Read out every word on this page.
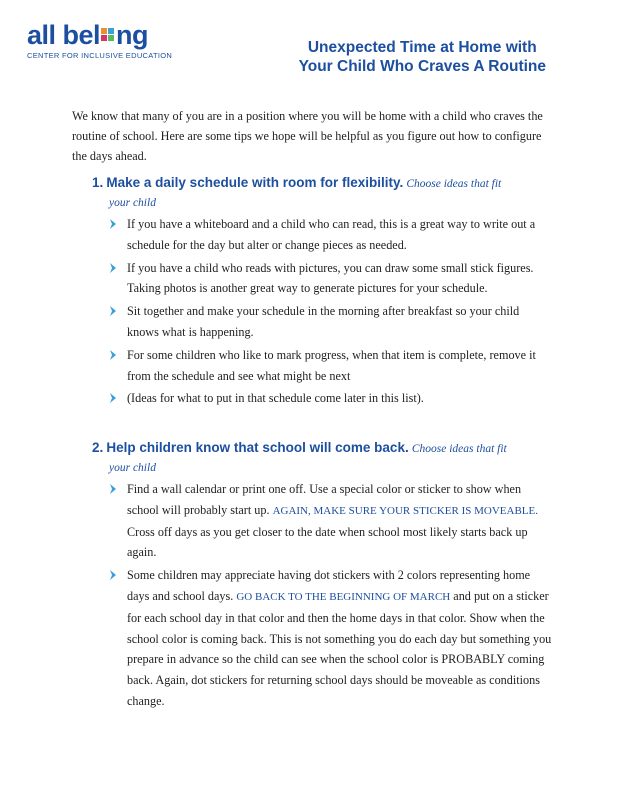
all bel ng
CENTER FOR INCLUSIVE EDUCATION	Unexpected Time at Home with
Your Child Who Craves A Routine
We know that many of you are in a position where you will be home with a child who craves the routine of school. Here are some tips we hope will be helpful as you figure out how to configure the days ahead.
1. Make a daily schedule with room for flexibility. Choose ideas that fit
your child
If you have a whiteboard and a child who can read, this is a great way to write out a schedule for the day but alter or change pieces as needed.
If you have a child who reads with pictures, you can draw some small stick figures. Taking photos is another great way to generate pictures for your schedule.
Sit together and make your schedule in the morning after breakfast so your child knows what is happening.
For some children who like to mark progress, when that item is complete, remove it from the schedule and see what might be next
(Ideas for what to put in that schedule come later in this list).
2. Help children know that school will come back. Choose ideas that fit
your child
Find a wall calendar or print one off. Use a special color or sticker to show when school will probably start up. AGAIN, MAKE SURE YOUR STICKER IS MOVEABLE. Cross off days as you get closer to the date when school most likely starts back up again.
Some children may appreciate having dot stickers with 2 colors representing home days and school days. GO BACK TO THE BEGINNING OF MARCH and put on a sticker for each school day in that color and then the home days in that color. Show when the school color is coming back. This is not something you do each day but something you prepare in advance so the child can see when the school color is PROBABLY coming back. Again, dot stickers for returning school days should be moveable as conditions change.
